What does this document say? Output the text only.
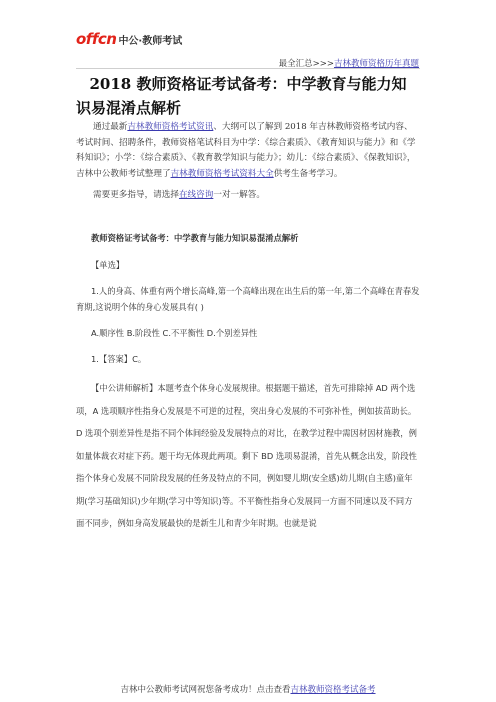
offcn 中公·教师考试
最全汇总>>>吉林教师资格历年真题
2018 教师资格证考试备考：中学教育与能力知
识易混淆点解析

通过最新吉林教师资格考试资讯、大纲可以了解到 2018 年吉林教师资格考试内容、考试时间、招聘条件，教师资格笔试科目为中学：《综合素质》、《教育知识与能力》和《学科知识》；小学：《综合素质》、《教育教学知识与能力》；幼儿：《综合素质》、《保教知识》，吉林中公教师考试整理了吉林教师资格考试资料大全供考生备考学习。

需要更多指导，请选择在线咨询一对一解答。

教师资格证考试备考：中学教育与能力知识易混淆点解析

【单选】

1.人的身高、体重有两个增长高峰,第一个高峰出现在出生后的第一年,第二个高峰在青春发育期,这说明个体的身心发展具有( )

A.顺序性 B.阶段性 C.不平衡性 D.个别差异性

1.【答案】C。

【中公讲师解析】本题考查个体身心发展规律。根据题干描述，首先可排除掉 AD 两个选项，A 选项顺序性指身心发展是不可逆的过程，突出身心发展的不可弥补性，例如拔苗助长。D 选项个别差异性是指不同个体间经验及发展特点的对比，在教学过程中需因材因材施教，例如量体裁衣对症下药。题干均无体现此两项。剩下 BD 选项易混淆，首先从概念出发，阶段性指个体身心发展不同阶段发展的任务及特点的不同，例如婴儿期(安全感)幼儿期(自主感)童年期(学习基础知识)少年期(学习中等知识)等。不平衡性指身心发展同一方面不同速以及不同方面不同步，例如身高发展最快的是新生儿和青少年时期。也就是说

吉林中公教师考试网祝您备考成功！点击查看吉林教师资格考试备考
